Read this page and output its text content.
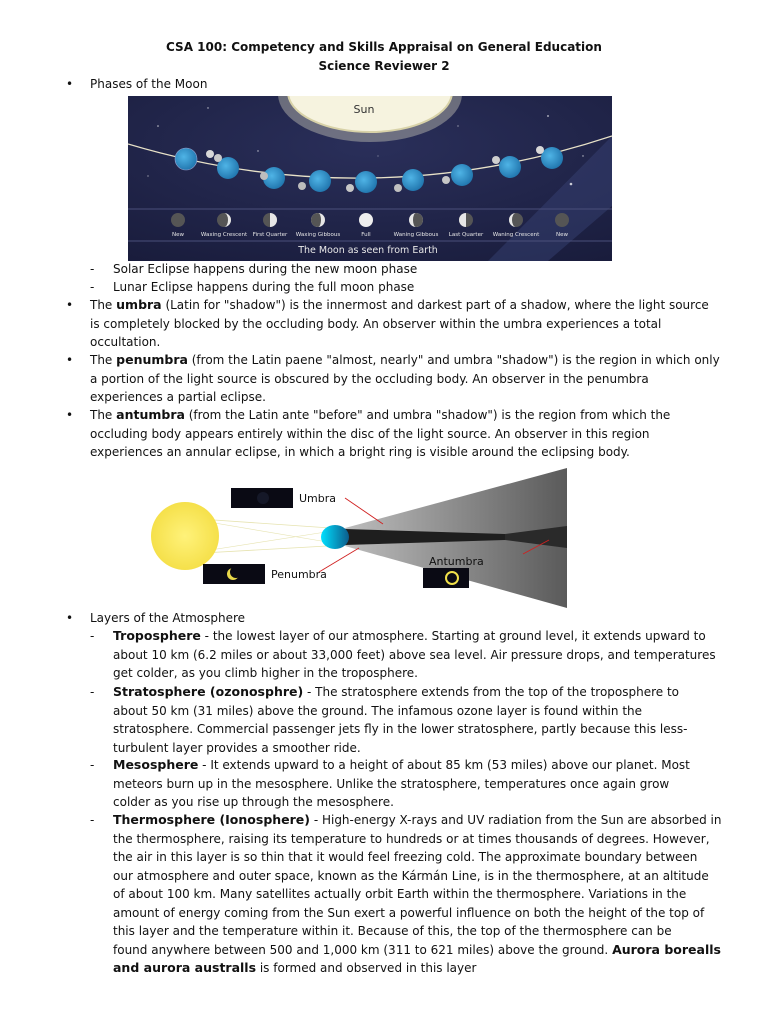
CSA 100: Competency and Skills Appraisal on General Education
Science Reviewer 2
• Phases of the Moon
Sun
New	Waxing Crescent First Quarter Waxing Gibbous	Full	Waning Gibbous Last Quarter Waning Crescent	New
The Moon as seen from Earth
- Solar Eclipse happens during the new moon phase
- Lunar Eclipse happens during the full moon phase
• The umbra (Latin for "shadow") is the innermost and darkest part of a shadow, where the light source
is completely blocked by the occluding body. An observer within the umbra experiences a total
occultation.
• The penumbra (from the Latin paene "almost, nearly" and umbra "shadow") is the region in which only
a portion of the light source is obscured by the occluding body. An observer in the penumbra
experiences a partial eclipse.
• The antumbra (from the Latin ante "before" and umbra "shadow") is the region from which the
occluding body appears entirely within the disc of the light source. An observer in this region
experiences an annular eclipse, in which a bright ring is visible around the eclipsing body.
Umbra
Penumbra
Antumbra
• Layers of the Atmosphere
- Troposphere - the lowest layer of our atmosphere. Starting at ground level, it extends upward to
about 10 km (6.2 miles or about 33,000 feet) above sea level. Air pressure drops, and temperatures
get colder, as you climb higher in the troposphere.
- Stratosphere (ozonosphre) - The stratosphere extends from the top of the troposphere to
about 50 km (31 miles) above the ground. The infamous ozone layer is found within the
stratosphere. Commercial passenger jets fly in the lower stratosphere, partly because this less-
turbulent layer provides a smoother ride.
- Mesosphere - It extends upward to a height of about 85 km (53 miles) above our planet. Most
meteors burn up in the mesosphere. Unlike the stratosphere, temperatures once again grow
colder as you rise up through the mesosphere.
- Thermosphere (Ionosphere) - High-energy X-rays and UV radiation from the Sun are absorbed in
the thermosphere, raising its temperature to hundreds or at times thousands of degrees. However,
the air in this layer is so thin that it would feel freezing cold. The approximate boundary between
our atmosphere and outer space, known as the Kármán Line, is in the thermosphere, at an altitude
of about 100 km. Many satellites actually orbit Earth within the thermosphere. Variations in the
amount of energy coming from the Sun exert a powerful influence on both the height of the top of
this layer and the temperature within it. Because of this, the top of the thermosphere can be
found anywhere between 500 and 1,000 km (311 to 621 miles) above the ground. Aurora borealls
and aurora australls is formed and observed in this layer
